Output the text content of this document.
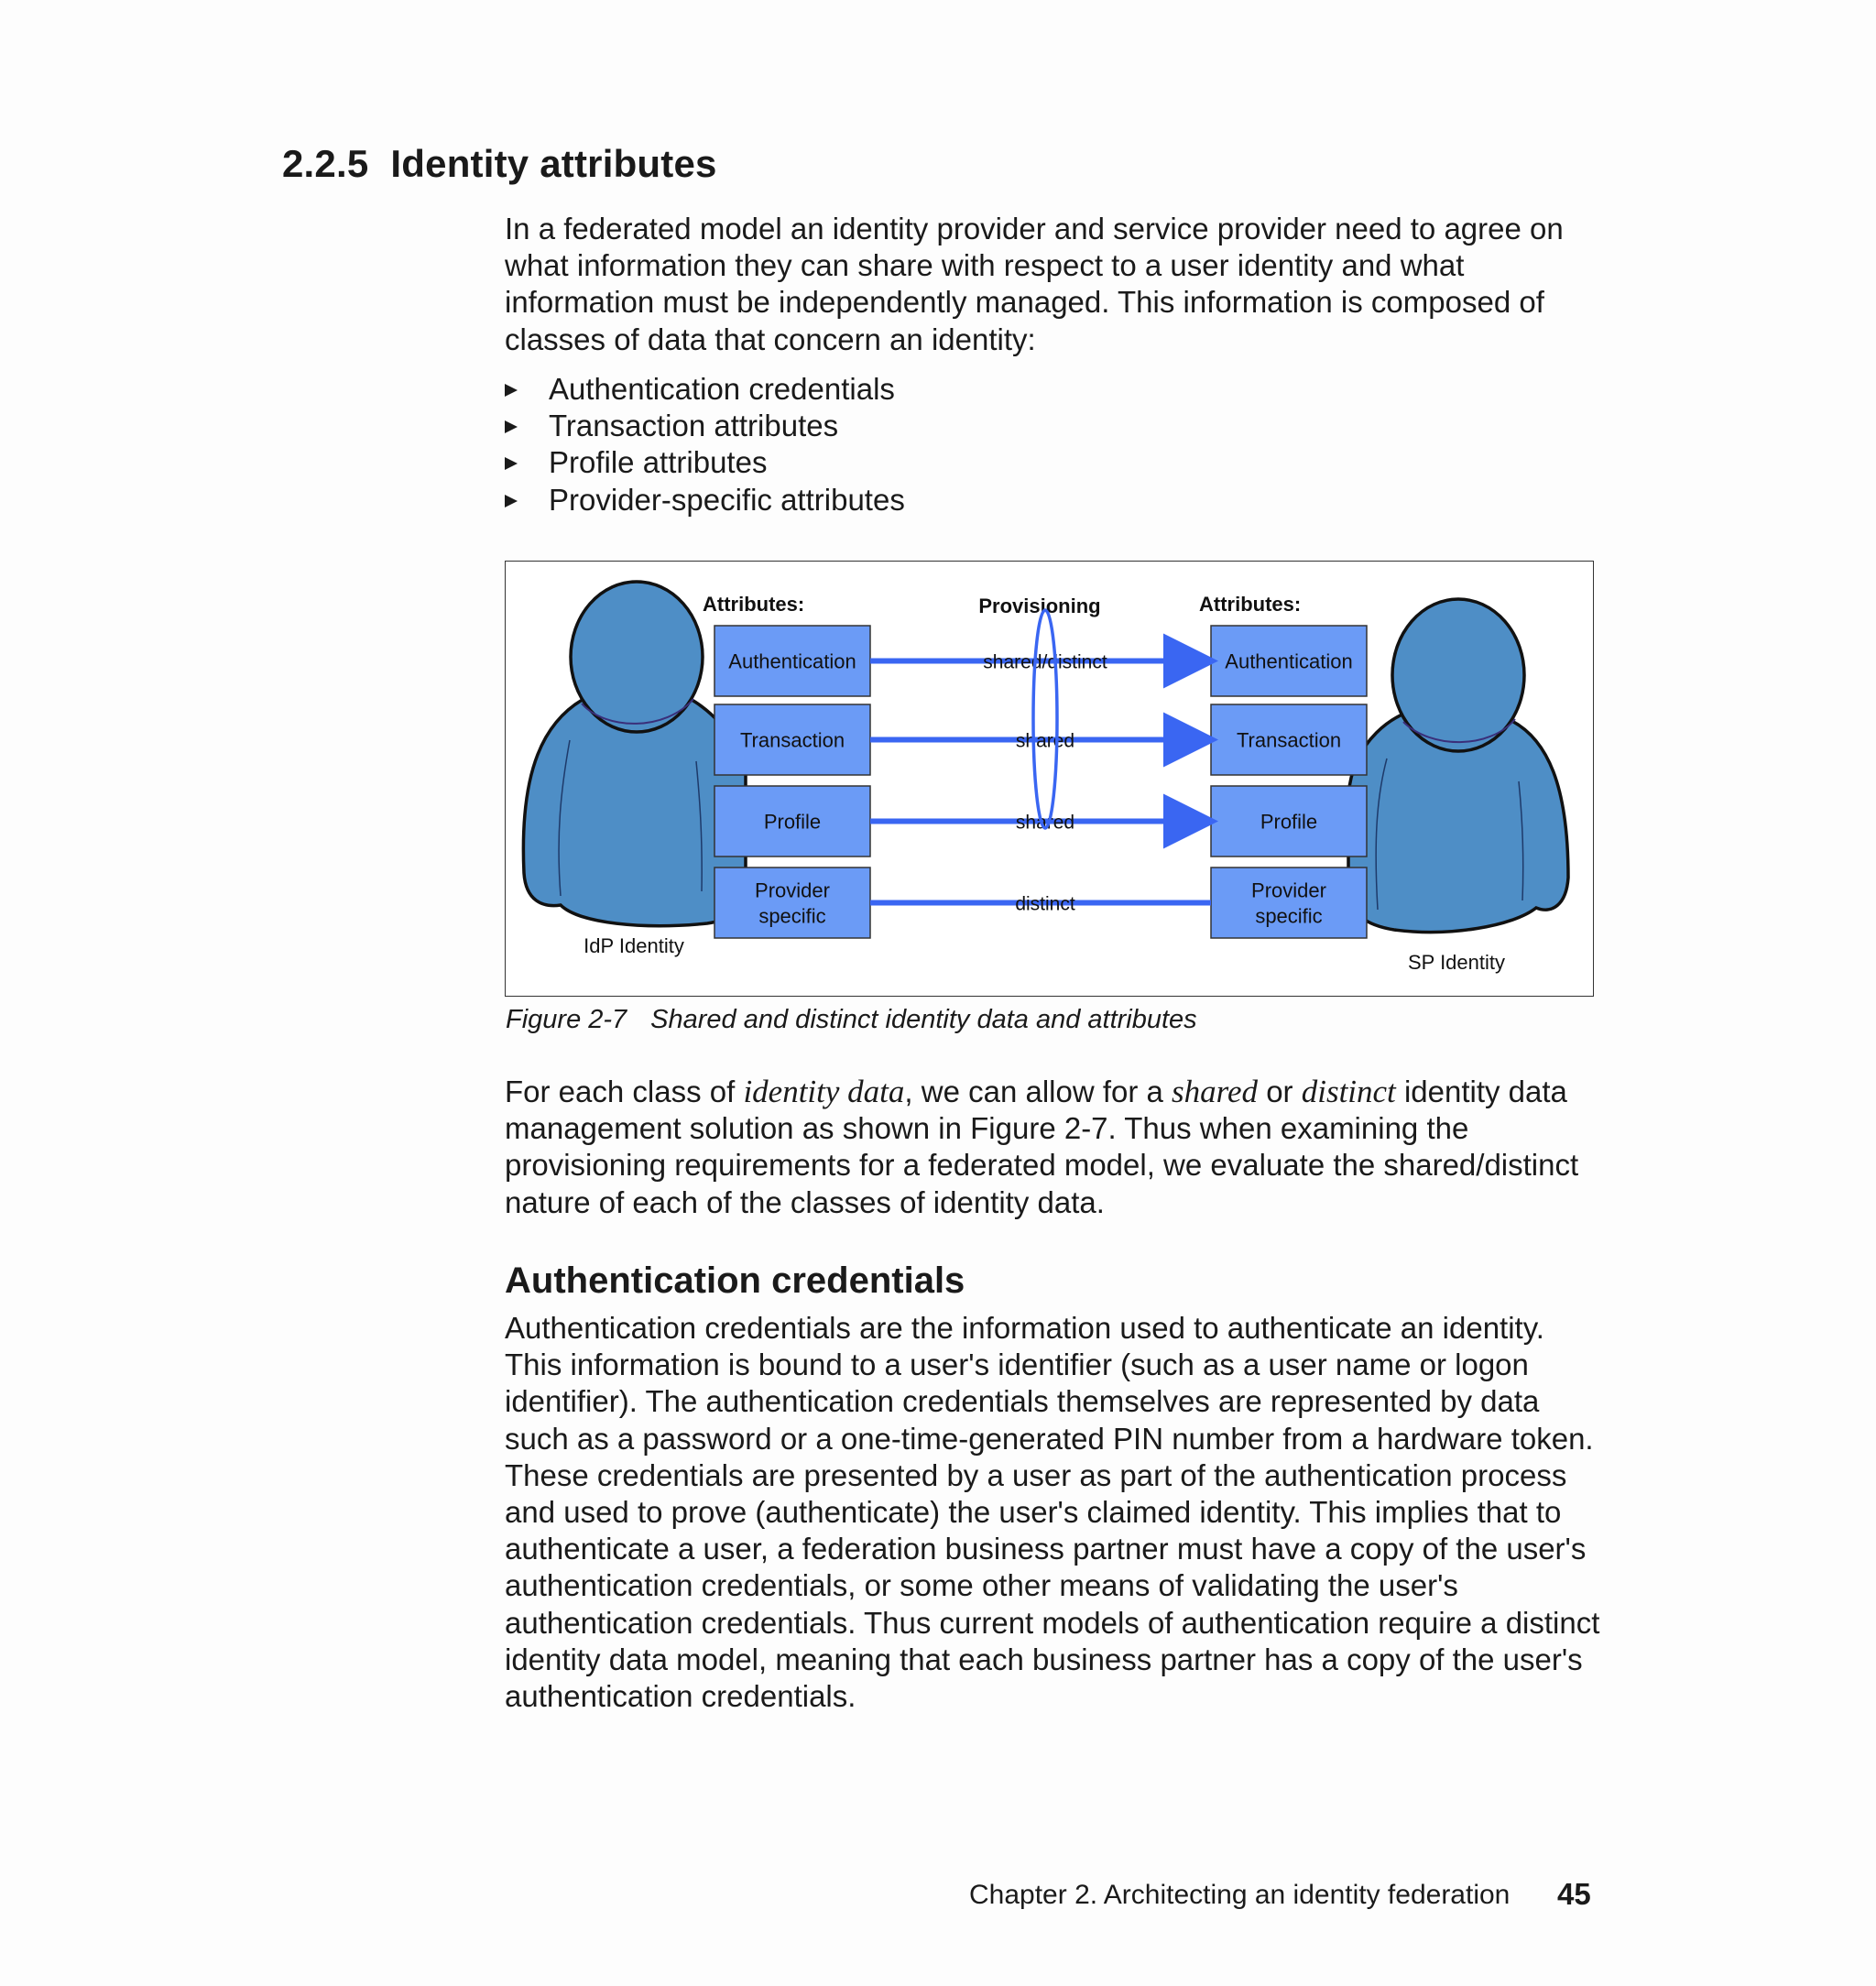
2.2.5 Identity attributes

In a federated model an identity provider and service provider need to agree on what information they can share with respect to a user identity and what information must be independently managed. This information is composed of classes of data that concern an identity:

Authentication credentials
Transaction attributes
Profile attributes
Provider-specific attributes
IdP Identity
SP Identity
Attributes:	Provisioning	Attributes:
Authentication	Authentication
shared/distinct
Transaction	Transaction
shared
Profile	Profile
shared
Provider specific
Provider specific
distinct

Figure 2-7 Shared and distinct identity data and attributes

For each class of identity data, we can allow for a shared or distinct identity data management solution as shown in Figure 2-7. Thus when examining the provisioning requirements for a federated model, we evaluate the shared/distinct nature of each of the classes of identity data.

Authentication credentials

Authentication credentials are the information used to authenticate an identity. This information is bound to a user's identifier (such as a user name or logon identifier). The authentication credentials themselves are represented by data such as a password or a one-time-generated PIN number from a hardware token. These credentials are presented by a user as part of the authentication process and used to prove (authenticate) the user's claimed identity. This implies that to authenticate a user, a federation business partner must have a copy of the user's authentication credentials, or some other means of validating the user's authentication credentials. Thus current models of authentication require a distinct identity data model, meaning that each business partner has a copy of the user's authentication credentials.

Chapter 2. Architecting an identity federation 45
